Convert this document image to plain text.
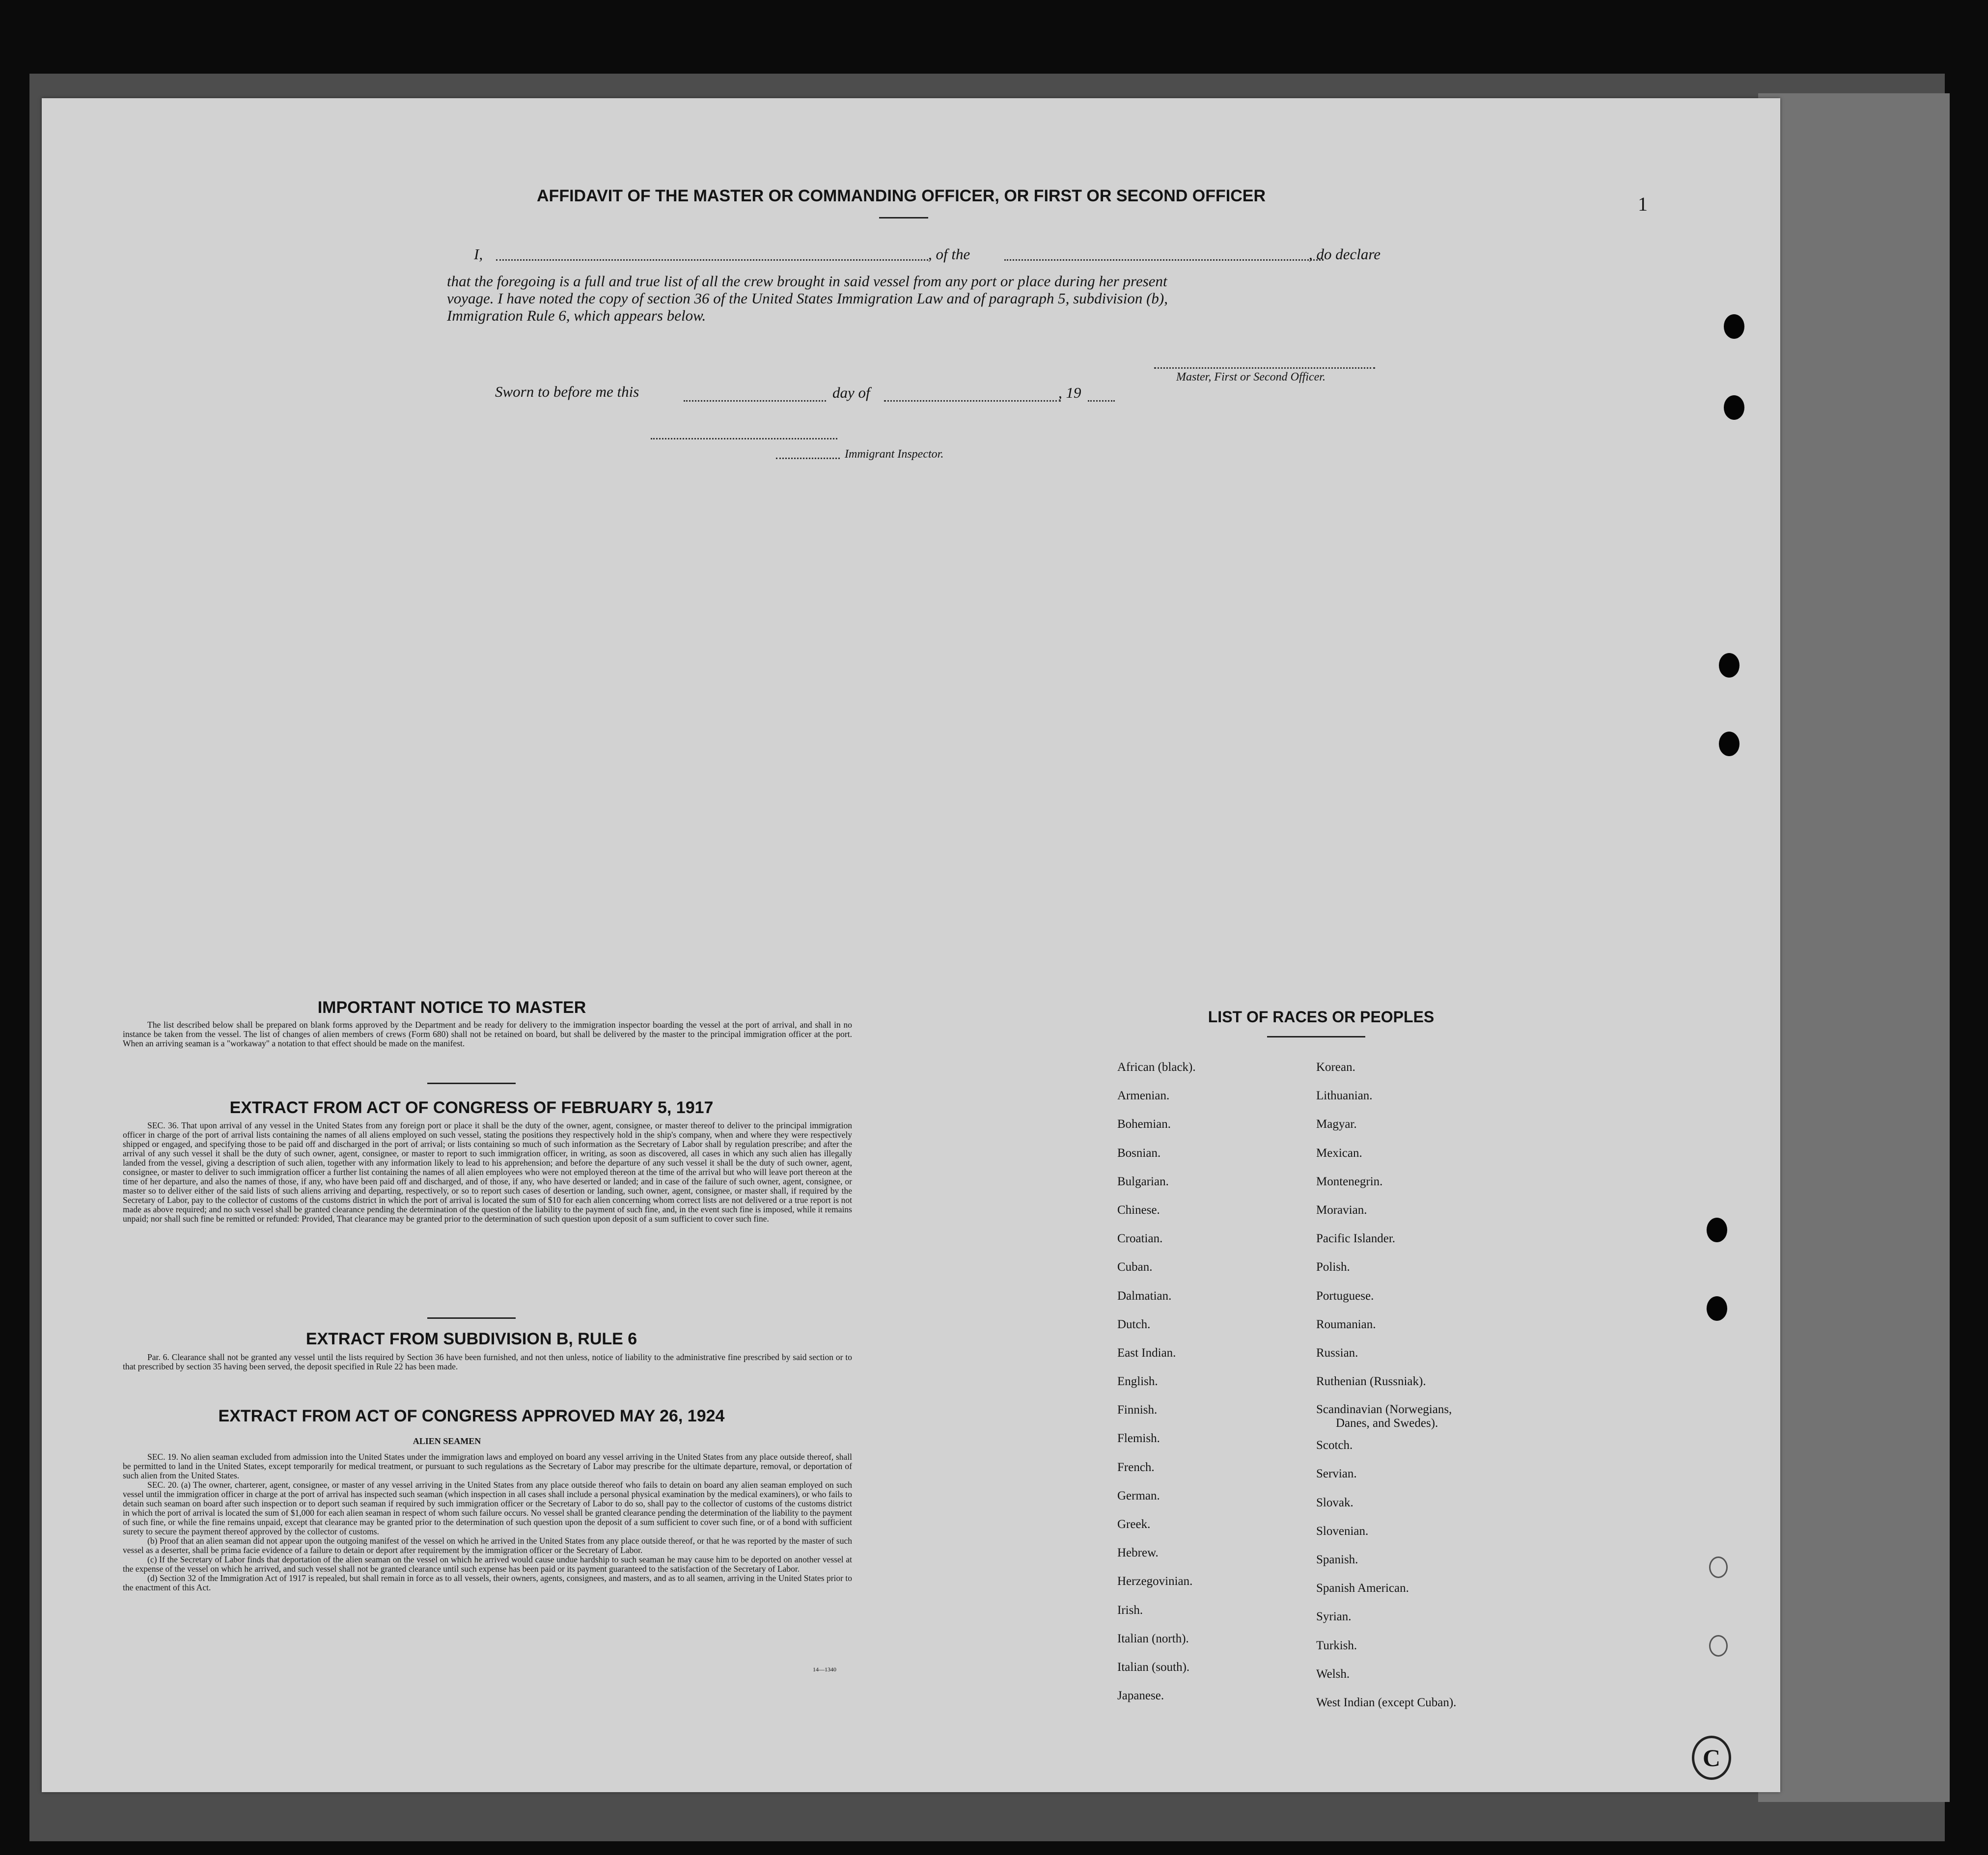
1
C
AFFIDAVIT OF THE MASTER OR COMMANDING OFFICER, OR FIRST OR SECOND OFFICER
I,	, of the	, do declare
that the foregoing is a full and true list of all the crew brought in said vessel from any port or place during her present
voyage. I have noted the copy of section 36 of the United States Immigration Law and of paragraph 5, subdivision (b),
Immigration Rule 6, which appears below.
Master, First or Second Officer.
Sworn to before me this	day of	, 19
Immigrant Inspector.
IMPORTANT NOTICE TO MASTER
The list described below shall be prepared on blank forms approved by the Department and be ready for delivery to the immigration inspector boarding the vessel at the port of arrival, and shall in no instance be taken from the vessel. The list of changes of alien members of crews (Form 680) shall not be retained on board, but shall be delivered by the master to the principal immigration officer at the port. When an arriving seaman is a "workaway" a notation to that effect should be made on the manifest.
EXTRACT FROM ACT OF CONGRESS OF FEBRUARY 5, 1917
SEC. 36. That upon arrival of any vessel in the United States from any foreign port or place it shall be the duty of the owner, agent, consignee, or master thereof to deliver to the principal immigration officer in charge of the port of arrival lists containing the names of all aliens employed on such vessel, stating the positions they respectively hold in the ship's company, when and where they were respectively shipped or engaged, and specifying those to be paid off and discharged in the port of arrival; or lists containing so much of such information as the Secretary of Labor shall by regulation prescribe; and after the arrival of any such vessel it shall be the duty of such owner, agent, consignee, or master to report to such immigration officer, in writing, as soon as discovered, all cases in which any such alien has illegally landed from the vessel, giving a description of such alien, together with any information likely to lead to his apprehension; and before the departure of any such vessel it shall be the duty of such owner, agent, consignee, or master to deliver to such immigration officer a further list containing the names of all alien employees who were not employed thereon at the time of the arrival but who will leave port thereon at the time of her departure, and also the names of those, if any, who have been paid off and discharged, and of those, if any, who have deserted or landed; and in case of the failure of such owner, agent, consignee, or master so to deliver either of the said lists of such aliens arriving and departing, respectively, or so to report such cases of desertion or landing, such owner, agent, consignee, or master shall, if required by the Secretary of Labor, pay to the collector of customs of the customs district in which the port of arrival is located the sum of $10 for each alien concerning whom correct lists are not delivered or a true report is not made as above required; and no such vessel shall be granted clearance pending the determination of the question of the liability to the payment of such fine, and, in the event such fine is imposed, while it remains unpaid; nor shall such fine be remitted or refunded: Provided, That clearance may be granted prior to the determination of such question upon deposit of a sum sufficient to cover such fine.
EXTRACT FROM SUBDIVISION B, RULE 6
Par. 6. Clearance shall not be granted any vessel until the lists required by Section 36 have been furnished, and not then unless, notice of liability to the administrative fine prescribed by said section or to that prescribed by section 35 having been served, the deposit specified in Rule 22 has been made.
EXTRACT FROM ACT OF CONGRESS APPROVED MAY 26, 1924
ALIEN SEAMEN
SEC. 19. No alien seaman excluded from admission into the United States under the immigration laws and employed on board any vessel arriving in the United States from any place outside thereof, shall be permitted to land in the United States, except temporarily for medical treatment, or pursuant to such regulations as the Secretary of Labor may prescribe for the ultimate departure, removal, or deportation of such alien from the United States.
SEC. 20. (a) The owner, charterer, agent, consignee, or master of any vessel arriving in the United States from any place outside thereof who fails to detain on board any alien seaman employed on such vessel until the immigration officer in charge at the port of arrival has inspected such seaman (which inspection in all cases shall include a personal physical examination by the medical examiners), or who fails to detain such seaman on board after such inspection or to deport such seaman if required by such immigration officer or the Secretary of Labor to do so, shall pay to the collector of customs of the customs district in which the port of arrival is located the sum of $1,000 for each alien seaman in respect of whom such failure occurs. No vessel shall be granted clearance pending the determination of the liability to the payment of such fine, or while the fine remains unpaid, except that clearance may be granted prior to the determination of such question upon the deposit of a sum sufficient to cover such fine, or of a bond with sufficient surety to secure the payment thereof approved by the collector of customs.
(b) Proof that an alien seaman did not appear upon the outgoing manifest of the vessel on which he arrived in the United States from any place outside thereof, or that he was reported by the master of such vessel as a deserter, shall be prima facie evidence of a failure to detain or deport after requirement by the immigration officer or the Secretary of Labor.
(c) If the Secretary of Labor finds that deportation of the alien seaman on the vessel on which he arrived would cause undue hardship to such seaman he may cause him to be deported on another vessel at the expense of the vessel on which he arrived, and such vessel shall not be granted clearance until such expense has been paid or its payment guaranteed to the satisfaction of the Secretary of Labor.
(d) Section 32 of the Immigration Act of 1917 is repealed, but shall remain in force as to all vessels, their owners, agents, consignees, and masters, and as to all seamen, arriving in the United States prior to the enactment of this Act.
14—1340
LIST OF RACES OR PEOPLES
African (black).
Armenian.
Bohemian.
Bosnian.
Bulgarian.
Chinese.
Croatian.
Cuban.
Dalmatian.
Dutch.
East Indian.
English.
Finnish.
Flemish.
French.
German.
Greek.
Hebrew.
Herzegovinian.
Irish.
Italian (north).
Italian (south).
Japanese.
Korean.
Lithuanian.
Magyar.
Mexican.
Montenegrin.
Moravian.
Pacific Islander.
Polish.
Portuguese.
Roumanian.
Russian.
Ruthenian (Russniak).
Scandinavian (Norwegians,
Danes, and Swedes).
Scotch.
Servian.
Slovak.
Slovenian.
Spanish.
Spanish American.
Syrian.
Turkish.
Welsh.
West Indian (except Cuban).
